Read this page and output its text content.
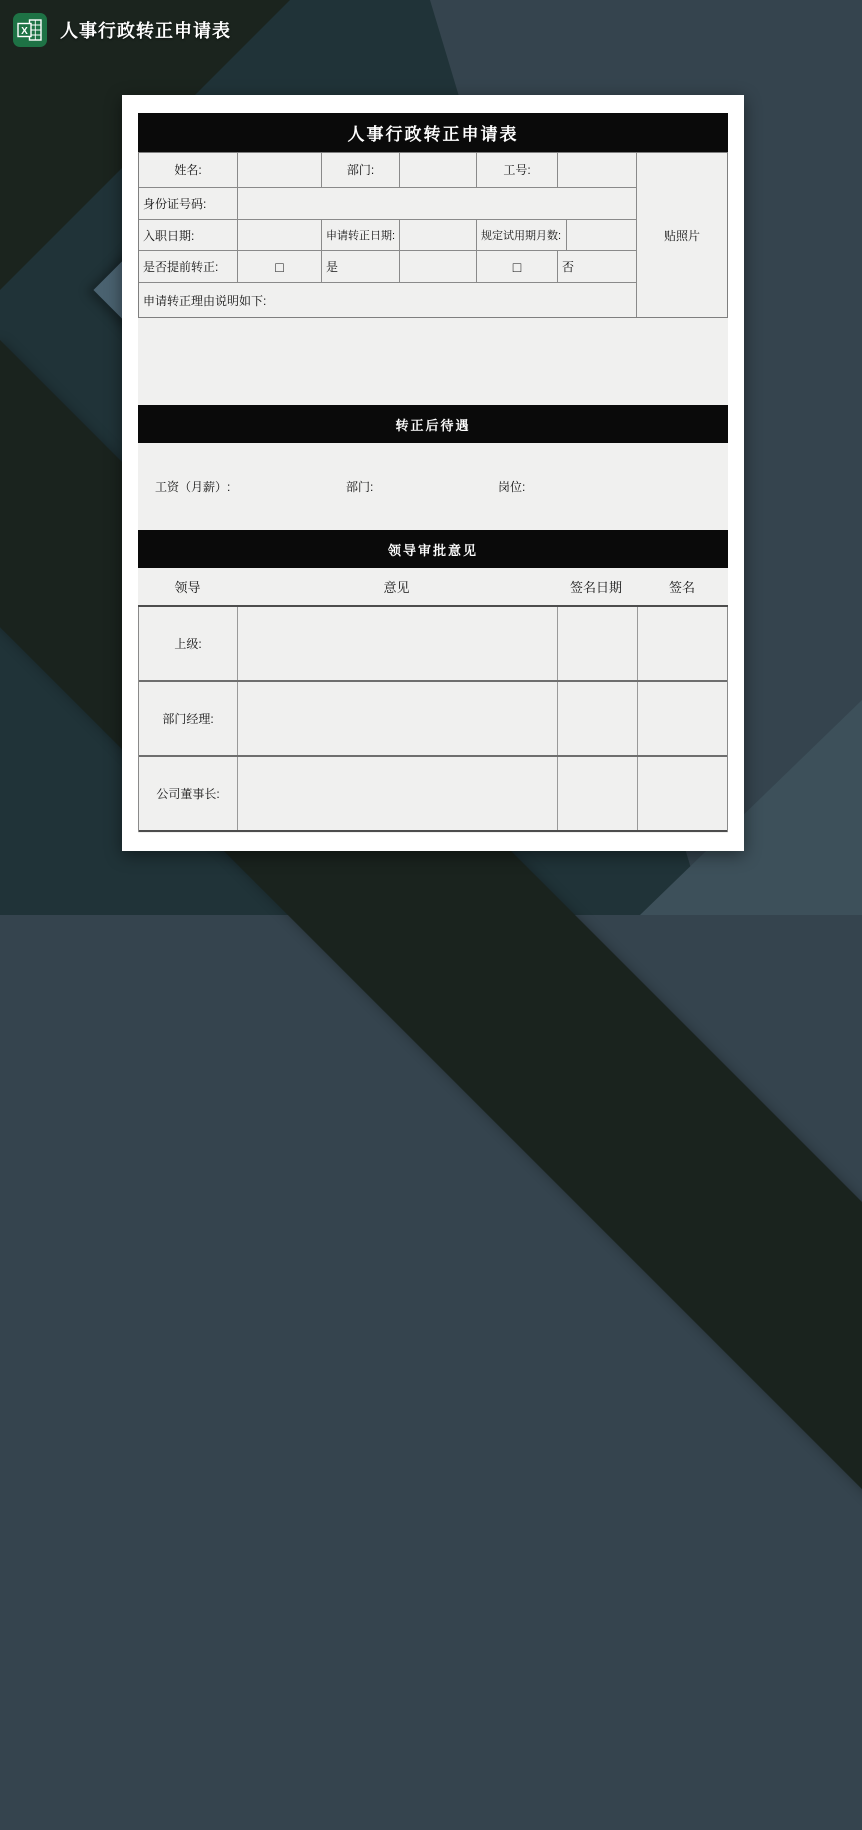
X 人事行政转正申请表
人事行政转正申请表
姓名:	部门:	工号:
身份证号码:
入职日期:	申请转正日期:	规定试用期月数:
是否提前转正:	□	是	□	否
申请转正理由说明如下:
贴照片
转正后待遇
工资（月薪）:	部门:	岗位:
领导审批意见
领导	意见	签名日期	签名
上级:
部门经理:
公司董事长:
